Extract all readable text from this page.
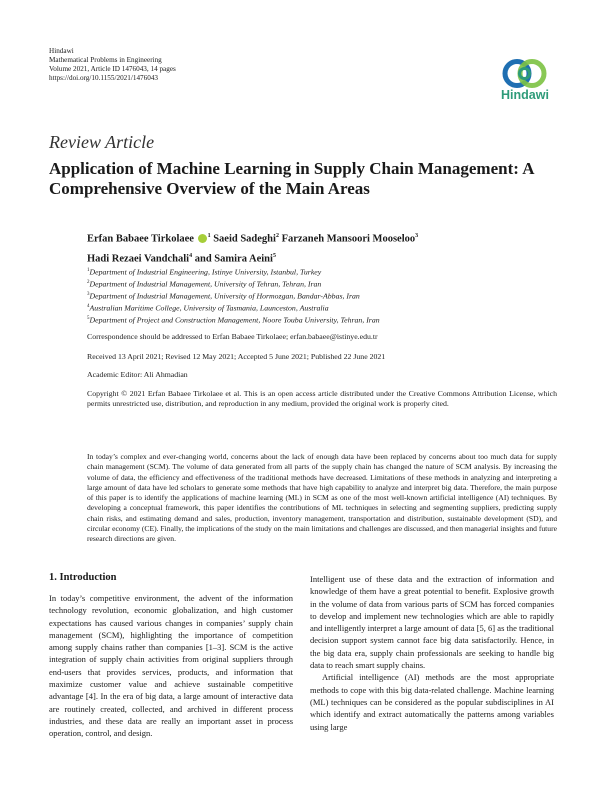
Hindawi
Mathematical Problems in Engineering
Volume 2021, Article ID 1476043, 14 pages
https://doi.org/10.1155/2021/1476043
Hindawi
Review Article
Application of Machine Learning in Supply Chain Management: A Comprehensive Overview of the Main Areas
Erfan Babaee Tirkolaee $^1$ Saeid Sadeghi$^2$ Farzaneh Mansoori Mooseloo$^3$
Hadi Rezaei Vandchali$^4$ and Samira Aeini$^5$
$^1$Department of Industrial Engineering, Istinye University, Istanbul, Turkey
$^2$Department of Industrial Management, University of Tehran, Tehran, Iran
$^3$Department of Industrial Management, University of Hormozgan, Bandar-Abbas, Iran
$^4$Australian Maritime College, University of Tasmania, Launceston, Australia
$^5$Department of Project and Construction Management, Noore Touba University, Tehran, Iran
Correspondence should be addressed to Erfan Babaee Tirkolaee; erfan.babaee@istinye.edu.tr
Received 13 April 2021; Revised 12 May 2021; Accepted 5 June 2021; Published 22 June 2021
Academic Editor: Ali Ahmadian
Copyright © 2021 Erfan Babaee Tirkolaee et al. This is an open access article distributed under the Creative Commons Attribution License, which permits unrestricted use, distribution, and reproduction in any medium, provided the original work is properly cited.
In today’s complex and ever-changing world, concerns about the lack of enough data have been replaced by concerns about too much data for supply chain management (SCM). The volume of data generated from all parts of the supply chain has changed the nature of SCM analysis. By increasing the volume of data, the efficiency and effectiveness of the traditional methods have decreased. Limitations of these methods in analyzing and interpreting a large amount of data have led scholars to generate some methods that have high capability to analyze and interpret big data. Therefore, the main purpose of this paper is to identify the applications of machine learning (ML) in SCM as one of the most well-known artificial intelligence (AI) techniques. By developing a conceptual framework, this paper identifies the contributions of ML techniques in selecting and segmenting suppliers, predicting supply chain risks, and estimating demand and sales, production, inventory management, transportation and distribution, sustainable development (SD), and circular economy (CE). Finally, the implications of the study on the main limitations and challenges are discussed, and then managerial insights and future research directions are given.
1. Introduction

In today’s competitive environment, the advent of the information technology revolution, economic globalization, and high customer expectations has caused various changes in companies’ supply chain management (SCM), highlighting the importance of competition among supply chains rather than companies [1–3]. SCM is the active integration of supply chain activities from original suppliers through end-users that provides services, products, and information that maximize customer value and achieve sustainable competitive advantage [4]. In the era of big data, a large amount of interactive data are routinely created, collected, and archived in different process industries, and these data are really an important asset in process operation, control, and design.

Intelligent use of these data and the extraction of information and knowledge of them have a great potential to benefit. Explosive growth in the volume of data from various parts of SCM has forced companies to develop and implement new technologies which are able to rapidly and intelligently interpret a large amount of data [5, 6] as the traditional decision support system cannot face big data satisfactorily. Hence, in the big data era, supply chain professionals are seeking to handle big data to reach smart supply chains.

Artificial intelligence (AI) methods are the most appropriate methods to cope with this big data-related challenge. Machine learning (ML) techniques can be considered as the popular subdisciplines in AI which identify and extract automatically the patterns among variables using large
